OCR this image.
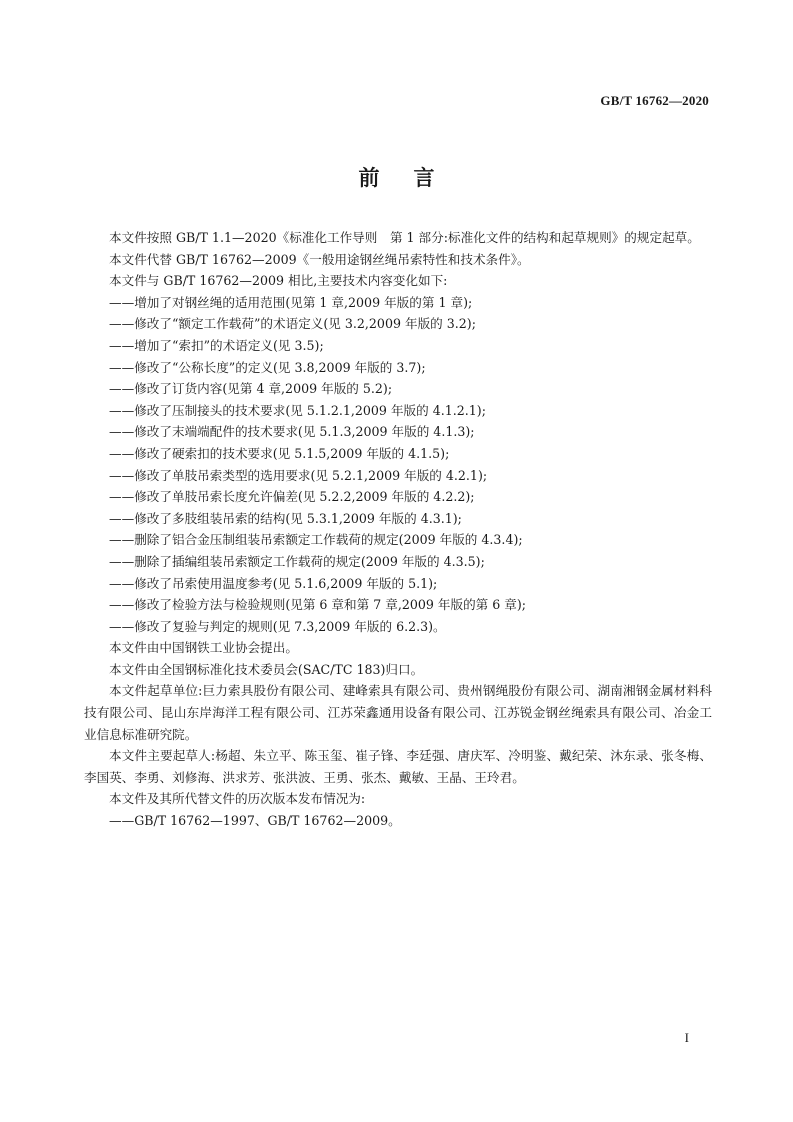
GB/T 16762—2020
前言

本文件按照 GB/T 1.1—2020《标准化工作导则　第 1 部分:标准化文件的结构和起草规则》的规定起草。

本文件代替 GB/T 16762—2009《一般用途钢丝绳吊索特性和技术条件》。

本文件与 GB/T 16762—2009 相比,主要技术内容变化如下:

——增加了对钢丝绳的适用范围(见第 1 章,2009 年版的第 1 章);

——修改了“额定工作载荷”的术语定义(见 3.2,2009 年版的 3.2);

——增加了“索扣”的术语定义(见 3.5);

——修改了“公称长度”的定义(见 3.8,2009 年版的 3.7);

——修改了订货内容(见第 4 章,2009 年版的 5.2);

——修改了压制接头的技术要求(见 5.1.2.1,2009 年版的 4.1.2.1);

——修改了末端端配件的技术要求(见 5.1.3,2009 年版的 4.1.3);

——修改了硬索扣的技术要求(见 5.1.5,2009 年版的 4.1.5);

——修改了单肢吊索类型的选用要求(见 5.2.1,2009 年版的 4.2.1);

——修改了单肢吊索长度允许偏差(见 5.2.2,2009 年版的 4.2.2);

——修改了多肢组装吊索的结构(见 5.3.1,2009 年版的 4.3.1);

——删除了铝合金压制组装吊索额定工作载荷的规定(2009 年版的 4.3.4);

——删除了插编组装吊索额定工作载荷的规定(2009 年版的 4.3.5);

——修改了吊索使用温度参考(见 5.1.6,2009 年版的 5.1);

——修改了检验方法与检验规则(见第 6 章和第 7 章,2009 年版的第 6 章);

——修改了复验与判定的规则(见 7.3,2009 年版的 6.2.3)。

本文件由中国钢铁工业协会提出。

本文件由全国钢标准化技术委员会(SAC/TC 183)归口。

本文件起草单位:巨力索具股份有限公司、建峰索具有限公司、贵州钢绳股份有限公司、湖南湘钢金属材料科技有限公司、昆山东岸海洋工程有限公司、江苏荣鑫通用设备有限公司、江苏锐金钢丝绳索具有限公司、冶金工业信息标准研究院。

本文件主要起草人:杨超、朱立平、陈玉玺、崔子锋、李廷强、唐庆军、冷明鉴、戴纪荣、沐东录、张冬梅、李国英、李勇、刘修海、洪求芳、张洪波、王勇、张杰、戴敏、王晶、王玲君。

本文件及其所代替文件的历次版本发布情况为:

——GB/T 16762—1997、GB/T 16762—2009。

I
